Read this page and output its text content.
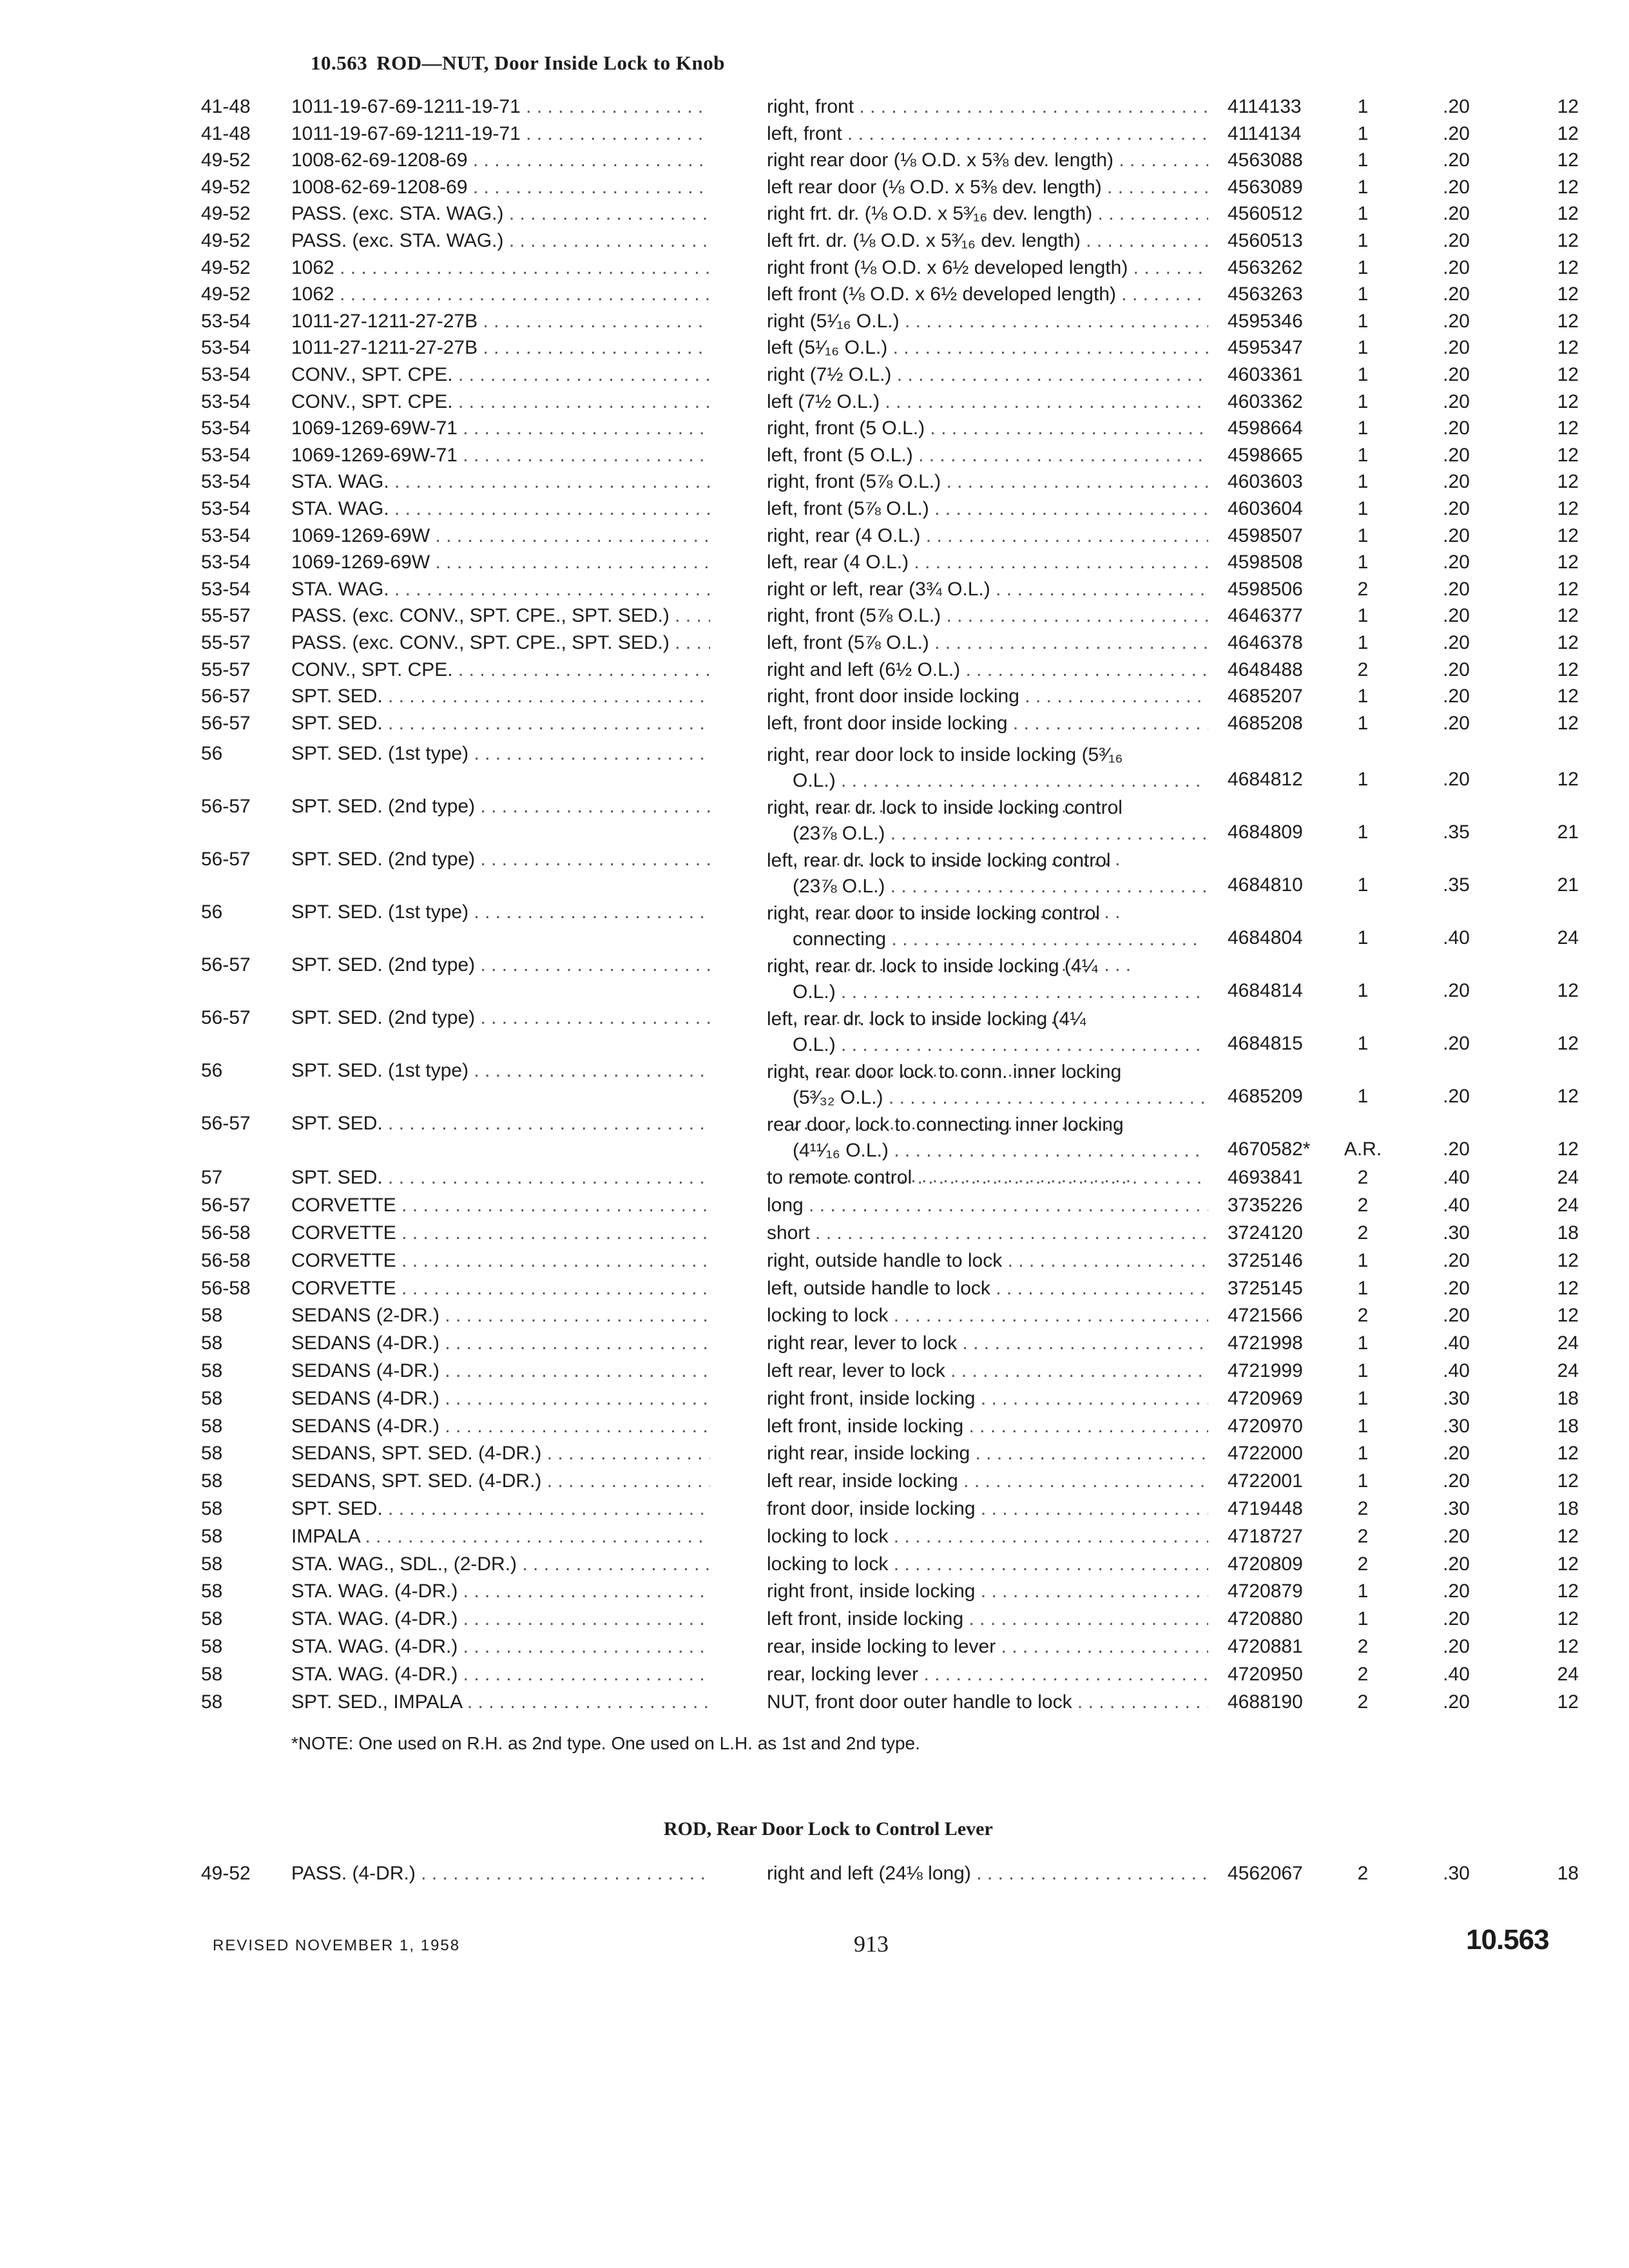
10.563 ROD—NUT, Door Inside Lock to Knob
41-48 1011-19-67-69-1211-19-71 . . .	right, front . . .	4114133	1	.20	12
41-48 1011-19-67-69-1211-19-71 . . .	left, front . . .	4114134	1	.20	12
49-52 1008-62-69-1208-69 . . .	right rear door (⅛ O.D. x 5⅜ dev. length) . . .	4563088	1	.20	12
49-52 1008-62-69-1208-69 . . .	left rear door (⅛ O.D. x 5⅜ dev. length) . . .	4563089	1	.20	12
49-52 PASS. (exc. STA. WAG.) . . .	right frt. dr. (⅛ O.D. x 5³⁄₁₆ dev. length) . . .	4560512	1	.20	12
49-52 PASS. (exc. STA. WAG.) . . .	left frt. dr. (⅛ O.D. x 5³⁄₁₆ dev. length) . . .	4560513	1	.20	12
49-52 1062 . . .	right front (⅛ O.D. x 6½ developed length) . . .	4563262	1	.20	12
49-52 1062 . . .	left front (⅛ O.D. x 6½ developed length) . . .	4563263	1	.20	12
53-54 1011-27-1211-27-27B . . .	right (5¹⁄₁₆ O.L.) . . .	4595346	1	.20	12
53-54 1011-27-1211-27-27B . . .	left (5¹⁄₁₆ O.L.) . . .	4595347	1	.20	12
53-54 CONV., SPT. CPE. . . .	right (7½ O.L.) . . .	4603361	1	.20	12
53-54 CONV., SPT. CPE. . . .	left (7½ O.L.) . . .	4603362	1	.20	12
53-54 1069-1269-69W-71 . . .	right, front (5 O.L.) . . .	4598664	1	.20	12
53-54 1069-1269-69W-71 . . .	left, front (5 O.L.) . . .	4598665	1	.20	12
53-54 STA. WAG. . . .	right, front (5⅞ O.L.) . . .	4603603	1	.20	12
53-54 STA. WAG. . . .	left, front (5⅞ O.L.) . . .	4603604	1	.20	12
53-54 1069-1269-69W . . .	right, rear (4 O.L.) . . .	4598507	1	.20	12
53-54 1069-1269-69W . . .	left, rear (4 O.L.) . . .	4598508	1	.20	12
53-54 STA. WAG. . . .	right or left, rear (3¾ O.L.) . . .	4598506	2	.20	12
55-57 PASS. (exc. CONV., SPT. CPE., SPT. SED.) . . .	right, front (5⅞ O.L.) . . .	4646377	1	.20	12
55-57 PASS. (exc. CONV., SPT. CPE., SPT. SED.) . . .	left, front (5⅞ O.L.) . . .	4646378	1	.20	12
55-57 CONV., SPT. CPE. . . .	right and left (6½ O.L.) . . .	4648488	2	.20	12
56-57 SPT. SED. . . .	right, front door inside locking . . .	4685207	1	.20	12
56-57 SPT. SED. . . .	left, front door inside locking . . .	4685208	1	.20	12
56	SPT. SED. (1st type) . . .	right, rear door lock to inside locking (5³⁄₁₆
O.L.) . . .	4684812	1	.20	12
56-57 SPT. SED. (2nd type) . . .	right, rear dr. lock to inside locking control
(23⅞ O.L.) . . .	4684809	1	.35	21
56-57 SPT. SED. (2nd type) . . .	left, rear dr. lock to inside locking control
(23⅞ O.L.) . . .	4684810	1	.35	21
56	SPT. SED. (1st type) . . .	right, rear door to inside locking control
connecting . . .	4684804	1	.40	24
56-57 SPT. SED. (2nd type) . . .	right, rear dr. lock to inside locking (4¼
O.L.) . . .	4684814	1	.20	12
56-57 SPT. SED. (2nd type) . . .	left, rear dr. lock to inside locking (4¼
O.L.) . . .	4684815	1	.20	12
56	SPT. SED. (1st type) . . .	right, rear door lock to conn. inner locking
(5³⁄₃₂ O.L.) . . .	4685209	1	.20	12
56-57 SPT. SED. . . .	rear door, lock to connecting inner locking
(4¹¹⁄₁₆ O.L.) . . .	4670582* A.R.	.20	12
57	SPT. SED. . . .	to remote control . . .	4693841	2	.40	24
56-57 CORVETTE . . .	long . . .	3735226	2	.40	24
56-58 CORVETTE . . .	short . . .	3724120	2	.30	18
56-58 CORVETTE . . .	right, outside handle to lock . . .	3725146	1	.20	12
56-58 CORVETTE . . .	left, outside handle to lock . . .	3725145	1	.20	12
58	SEDANS (2-DR.) . . .	locking to lock . . .	4721566	2	.20	12
58	SEDANS (4-DR.) . . .	right rear, lever to lock . . .	4721998	1	.40	24
58	SEDANS (4-DR.) . . .	left rear, lever to lock . . .	4721999	1	.40	24
58	SEDANS (4-DR.) . . .	right front, inside locking . . .	4720969	1	.30	18
58	SEDANS (4-DR.) . . .	left front, inside locking . . .	4720970	1	.30	18
58	SEDANS, SPT. SED. (4-DR.) . . .	right rear, inside locking . . .	4722000	1	.20	12
58	SEDANS, SPT. SED. (4-DR.) . . .	left rear, inside locking . . .	4722001	1	.20	12
58	SPT. SED. . . .	front door, inside locking . . .	4719448	2	.30	18
58	IMPALA . . .	locking to lock . . .	4718727	2	.20	12
58	STA. WAG., SDL., (2-DR.) . . .	locking to lock . . .	4720809	2	.20	12
58	STA. WAG. (4-DR.) . . .	right front, inside locking . . .	4720879	1	.20	12
58	STA. WAG. (4-DR.) . . .	left front, inside locking . . .	4720880	1	.20	12
58	STA. WAG. (4-DR.) . . .	rear, inside locking to lever . . .	4720881	2	.20	12
58	STA. WAG. (4-DR.) . . .	rear, locking lever . . .	4720950	2	.40	24
58	SPT. SED., IMPALA . . .	NUT, front door outer handle to lock . . .	4688190	2	.20	12
49-52 PASS. (4-DR.) . . .	right and left (24⅛ long) . . .	4562067	2	.30	18
*NOTE: One used on R.H. as 2nd type. One used on L.H. as 1st and 2nd type.
ROD, Rear Door Lock to Control Lever
REVISED NOVEMBER 1, 1958	913	10.563
